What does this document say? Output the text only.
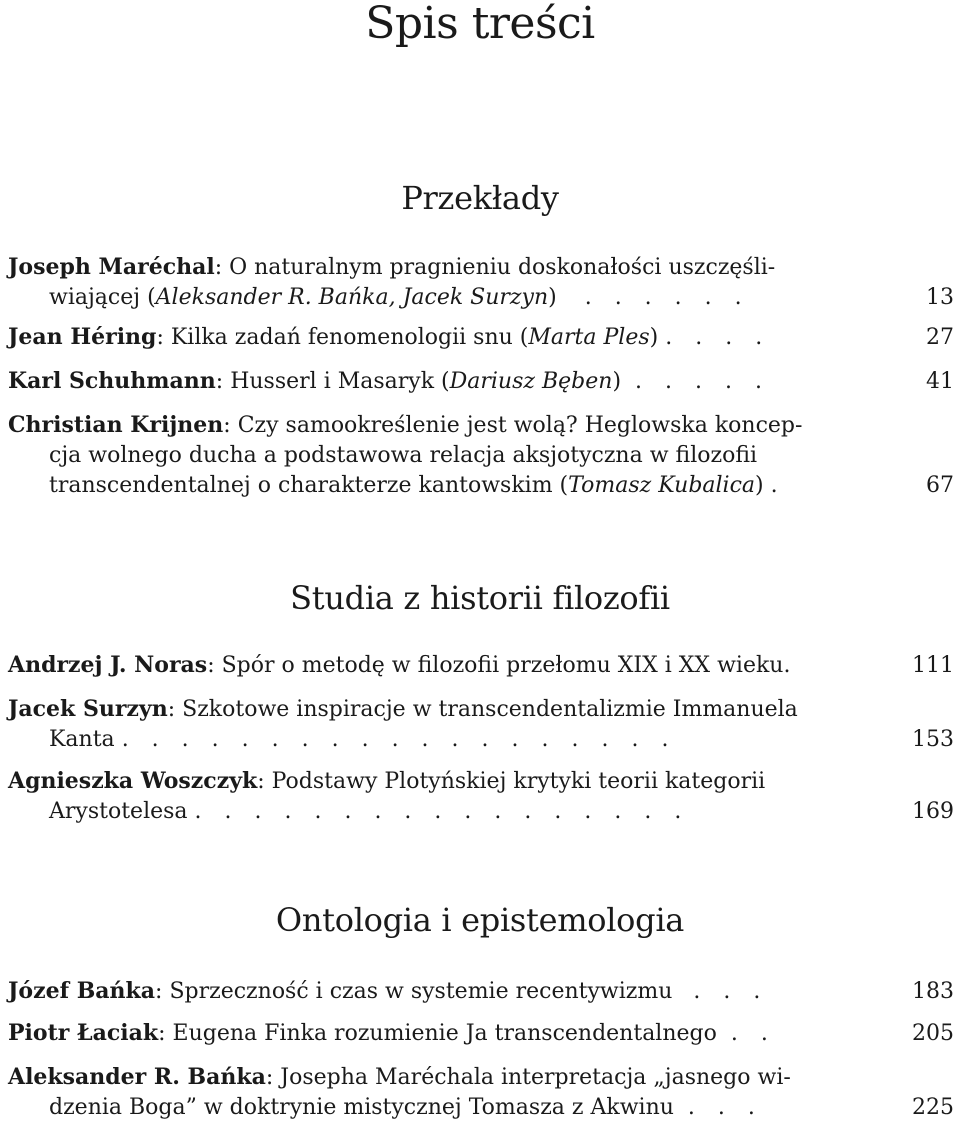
Spis treści
Przekłady
Joseph Maréchal: O naturalnym pragnieniu doskonałości uszczęśli-
wiającej (Aleksander R. Bańka, Jacek Surzyn) . . . . . .	13
Jean Héring: Kilka zadań fenomenologii snu (Marta Ples) . . . .	27
Karl Schuhmann: Husserl i Masaryk (Dariusz Bęben) . . . . .	41
Christian Krijnen: Czy samookreślenie jest wolą? Heglowska koncep-
cja wolnego ducha a podstawowa relacja aksjotyczna w filozofii
transcendentalnej o charakterze kantowskim (Tomasz Kubalica) .	67
Studia z historii filozofii
Andrzej J. Noras: Spór o metodę w filozofii przełomu XIX i XX wieku.	111
Jacek Surzyn: Szkotowe inspiracje w transcendentalizmie Immanuela
Kanta . . . . . . . . . . . . . . . . . . .	153
Agnieszka Woszczyk: Podstawy Plotyńskiej krytyki teorii kategorii
Arystotelesa . . . . . . . . . . . . . . . . .	169
Ontologia i epistemologia
Józef Bańka: Sprzeczność i czas w systemie recentywizmu . . .	183
Piotr Łaciak: Eugena Finka rozumienie Ja transcendentalnego . .	205
Aleksander R. Bańka: Josepha Maréchala interpretacja „jasnego wi-
dzenia Boga” w doktrynie mistycznej Tomasza z Akwinu . . .	225
